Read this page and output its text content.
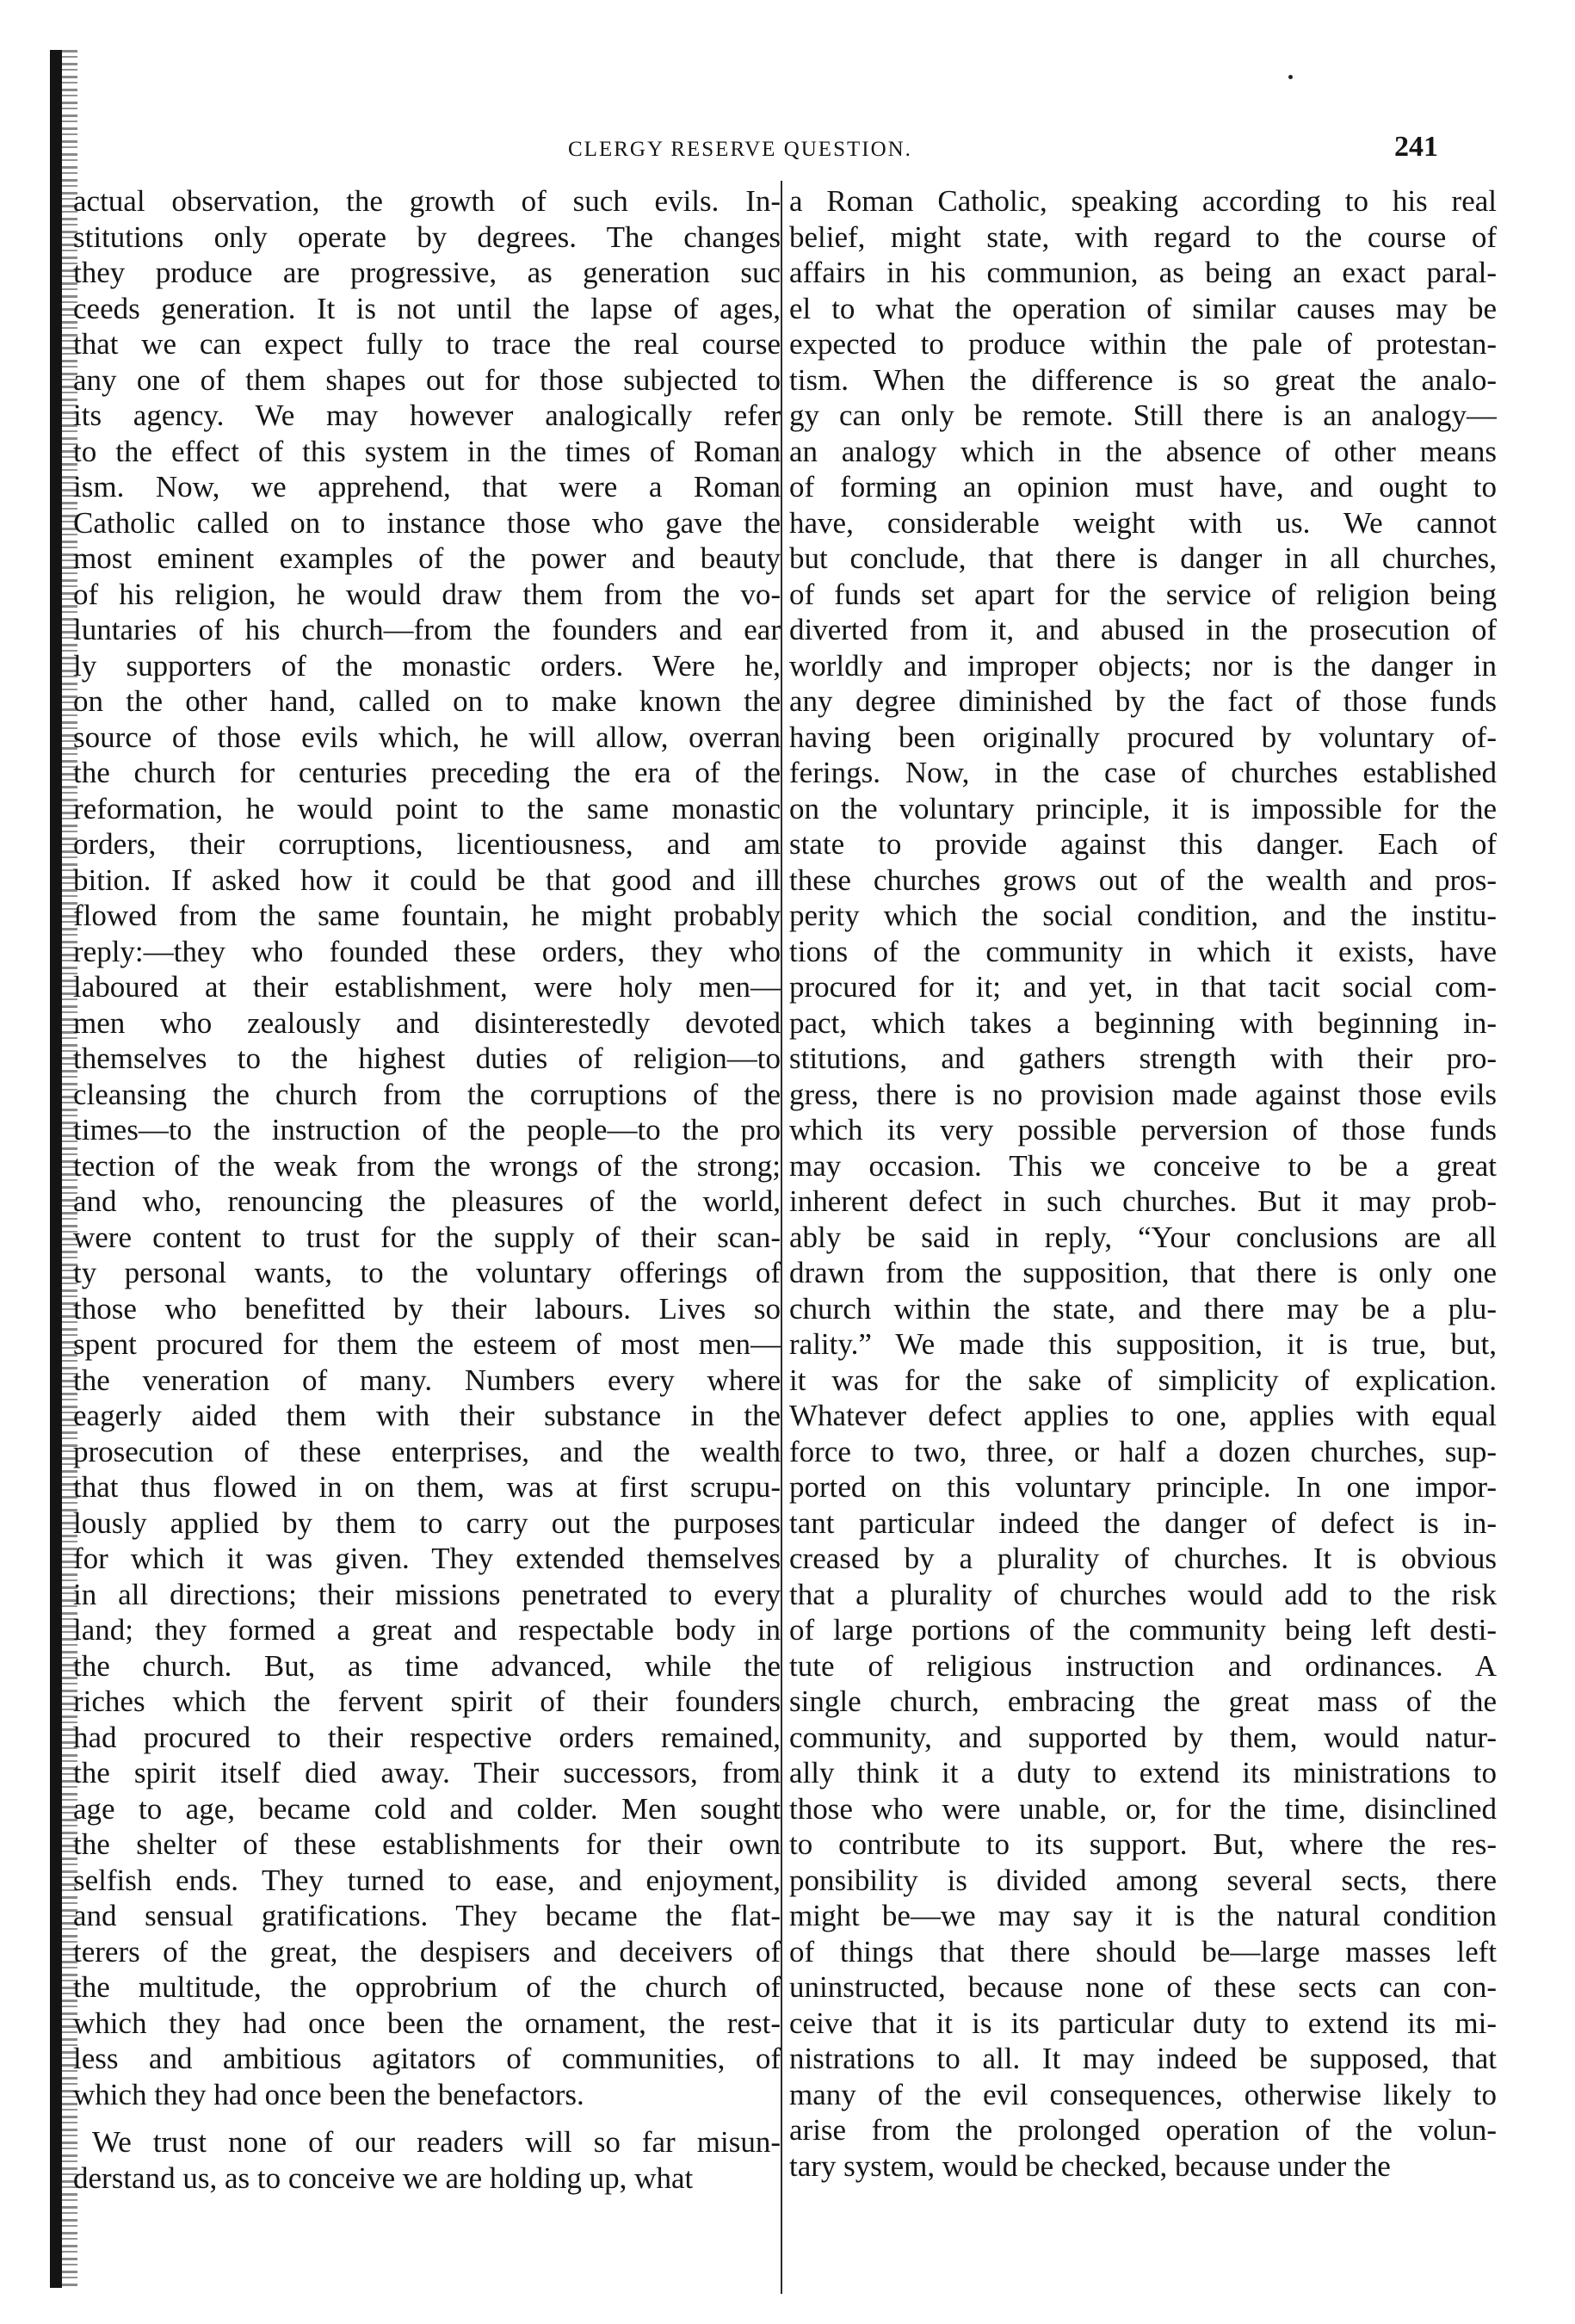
CLERGY RESERVE QUESTION.	241

actual observation, the growth of such evils. In-
stitutions only operate by degrees. The changes
they produce are progressive, as generation suc
ceeds generation. It is not until the lapse of ages,
that we can expect fully to trace the real course
any one of them shapes out for those subjected to
its agency. We may however analogically refer
to the effect of this system in the times of Roman
ism. Now, we apprehend, that were a Roman
Catholic called on to instance those who gave the
most eminent examples of the power and beauty
of his religion, he would draw them from the vo-
luntaries of his church—from the founders and ear
ly supporters of the monastic orders. Were he,
on the other hand, called on to make known the
source of those evils which, he will allow, overran
the church for centuries preceding the era of the
reformation, he would point to the same monastic
orders, their corruptions, licentiousness, and am
bition. If asked how it could be that good and ill
flowed from the same fountain, he might probably
reply:—they who founded these orders, they who
laboured at their establishment, were holy men—
men who zealously and disinterestedly devoted
themselves to the highest duties of religion—to
cleansing the church from the corruptions of the
times—to the instruction of the people—to the pro
tection of the weak from the wrongs of the strong;
and who, renouncing the pleasures of the world,
were content to trust for the supply of their scan-
ty personal wants, to the voluntary offerings of
those who benefitted by their labours. Lives so
spent procured for them the esteem of most men—
the veneration of many. Numbers every where
eagerly aided them with their substance in the
prosecution of these enterprises, and the wealth
that thus flowed in on them, was at first scrupu-
lously applied by them to carry out the purposes
for which it was given. They extended themselves
in all directions; their missions penetrated to every
land; they formed a great and respectable body in
the church. But, as time advanced, while the
riches which the fervent spirit of their founders
had procured to their respective orders remained,
the spirit itself died away. Their successors, from
age to age, became cold and colder. Men sought
the shelter of these establishments for their own
selfish ends. They turned to ease, and enjoyment,
and sensual gratifications. They became the flat-
terers of the great, the despisers and deceivers of
the multitude, the opprobrium of the church of
which they had once been the ornament, the rest-
less and ambitious agitators of communities, of
which they had once been the benefactors.

We trust none of our readers will so far misun-
derstand us, as to conceive we are holding up, what

a Roman Catholic, speaking according to his real
belief, might state, with regard to the course of
affairs in his communion, as being an exact paral-
el to what the operation of similar causes may be
expected to produce within the pale of protestan-
tism. When the difference is so great the analo-
gy can only be remote. Still there is an analogy—
an analogy which in the absence of other means
of forming an opinion must have, and ought to
have, considerable weight with us. We cannot
but conclude, that there is danger in all churches,
of funds set apart for the service of religion being
diverted from it, and abused in the prosecution of
worldly and improper objects; nor is the danger in
any degree diminished by the fact of those funds
having been originally procured by voluntary of-
ferings. Now, in the case of churches established
on the voluntary principle, it is impossible for the
state to provide against this danger. Each of
these churches grows out of the wealth and pros-
perity which the social condition, and the institu-
tions of the community in which it exists, have
procured for it; and yet, in that tacit social com-
pact, which takes a beginning with beginning in-
stitutions, and gathers strength with their pro-
gress, there is no provision made against those evils
which its very possible perversion of those funds
may occasion. This we conceive to be a great
inherent defect in such churches. But it may prob-
ably be said in reply, “Your conclusions are all
drawn from the supposition, that there is only one
church within the state, and there may be a plu-
rality.” We made this supposition, it is true, but,
it was for the sake of simplicity of explication.
Whatever defect applies to one, applies with equal
force to two, three, or half a dozen churches, sup-
ported on this voluntary principle. In one impor-
tant particular indeed the danger of defect is in-
creased by a plurality of churches. It is obvious
that a plurality of churches would add to the risk
of large portions of the community being left desti-
tute of religious instruction and ordinances. A
single church, embracing the great mass of the
community, and supported by them, would natur-
ally think it a duty to extend its ministrations to
those who were unable, or, for the time, disinclined
to contribute to its support. But, where the res-
ponsibility is divided among several sects, there
might be—we may say it is the natural condition
of things that there should be—large masses left
uninstructed, because none of these sects can con-
ceive that it is its particular duty to extend its mi-
nistrations to all. It may indeed be supposed, that
many of the evil consequences, otherwise likely to
arise from the prolonged operation of the volun-
tary system, would be checked, because under the
